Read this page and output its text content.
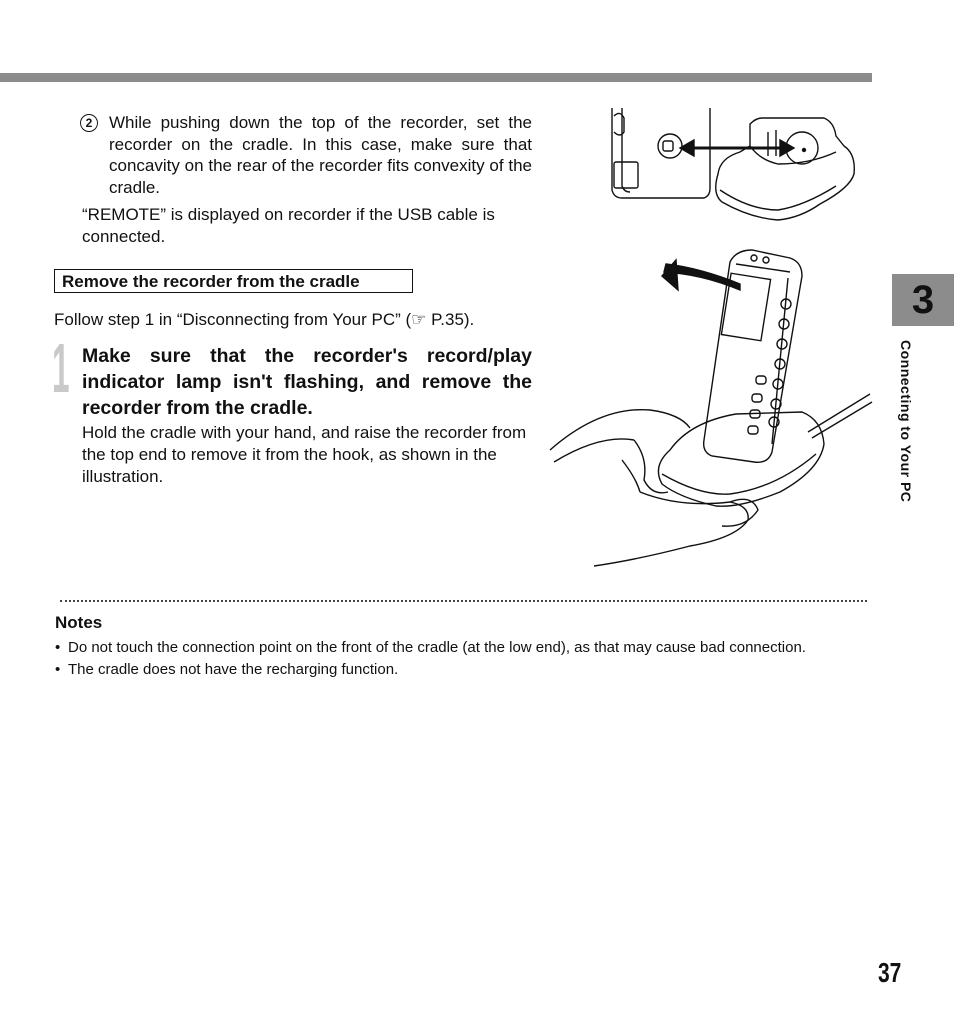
2 While pushing down the top of the recorder, set the recorder on the cradle. In this case, make sure that concavity on the rear of the recorder fits convexity of the cradle.
“REMOTE” is displayed on recorder if the USB cable is connected.
Remove the recorder from the cradle
Follow step 1 in “Disconnecting from Your PC” (☞ P.35).
1 Make sure that the recorder's record/play indicator lamp isn't flashing, and remove the recorder from the cradle.
Hold the cradle with your hand, and raise the recorder from the top end to remove it from the hook, as shown in the illustration.
Notes
• Do not touch the connection point on the front of the cradle (at the low end), as that may cause bad connection.
• The cradle does not have the recharging function.
3
Connecting to Your PC
37
